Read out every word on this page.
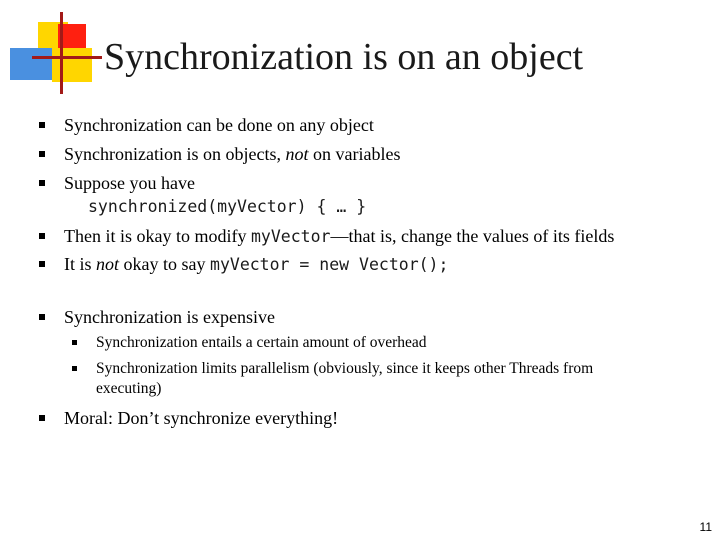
Synchronization is on an object
Synchronization can be done on any object
Synchronization is on objects, not on variables
Suppose you have
synchronized(myVector) { … }
Then it is okay to modify myVector—that is, change the values of its fields
It is not okay to say myVector = new Vector();
Synchronization is expensive
Synchronization entails a certain amount of overhead
Synchronization limits parallelism (obviously, since it keeps other Threads from
executing)
Moral: Don’t synchronize everything!
11
